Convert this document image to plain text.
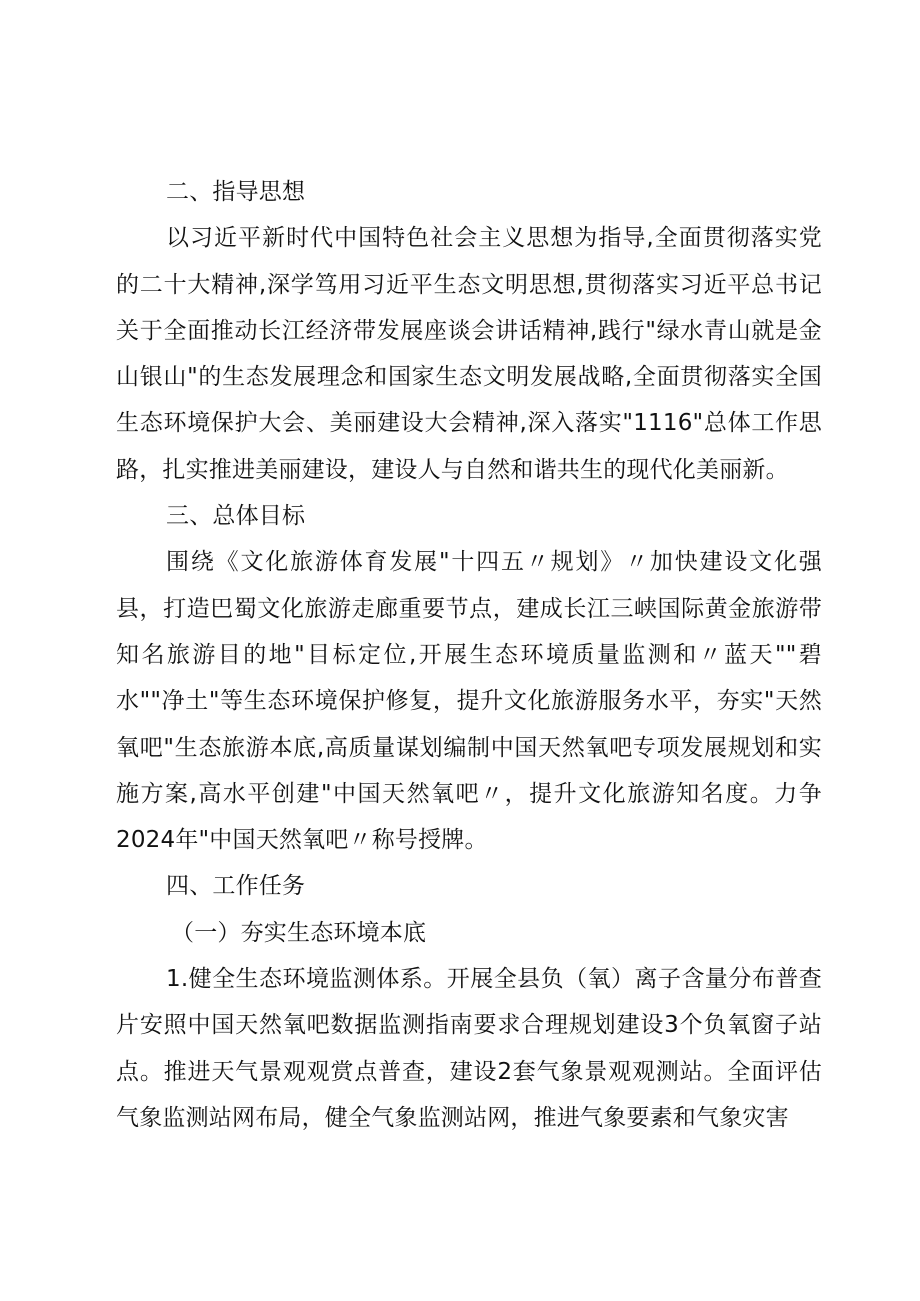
二、指导思想

以习近平新时代中国特色社会主义思想为指导,全面贯彻落实党的二十大精神,深学笃用习近平生态文明思想,贯彻落实习近平总书记关于全面推动长江经济带发展座谈会讲话精神,践行"绿水青山就是金山银山"的生态发展理念和国家生态文明发展战略,全面贯彻落实全国生态环境保护大会、美丽建设大会精神,深入落实"1116"总体工作思路，扎实推进美丽建设，建设人与自然和谐共生的现代化美丽新。

三、总体目标

围绕《文化旅游体育发展"十四五〃规划》〃加快建设文化强县，打造巴蜀文化旅游走廊重要节点，建成长江三峡国际黄金旅游带知名旅游目的地"目标定位,开展生态环境质量监测和〃蓝天""碧水""净土"等生态环境保护修复，提升文化旅游服务水平，夯实"天然氧吧"生态旅游本底,高质量谋划编制中国天然氧吧专项发展规划和实施方案,高水平创建"中国天然氧吧〃，提升文化旅游知名度。力争2024年"中国天然氧吧〃称号授牌。

四、工作任务

（一）夯实生态环境本底

1.健全生态环境监测体系。开展全县负（氧）离子含量分布普查片安照中国天然氧吧数据监测指南要求合理规划建设3个负氧窗子站点。推进天气景观观赏点普查，建设2套气象景观观测站。全面评估气象监测站网布局，健全气象监测站网，推进气象要素和气象灾害
